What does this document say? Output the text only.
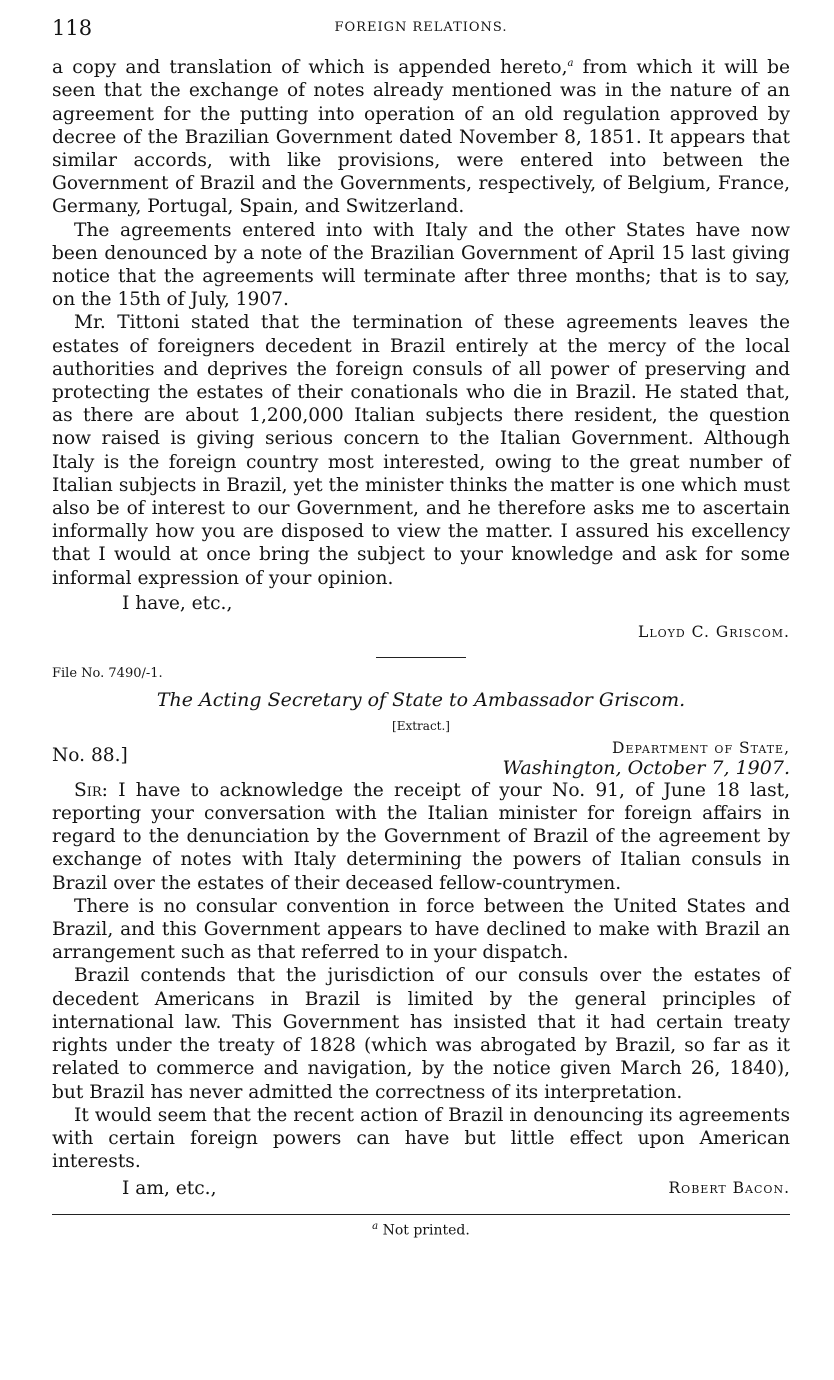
118	FOREIGN RELATIONS.

a copy and translation of which is appended hereto,$^a$ from which it will be seen that the exchange of notes already mentioned was in the nature of an agreement for the putting into operation of an old regulation approved by decree of the Brazilian Government dated November 8, 1851. It appears that similar accords, with like provisions, were entered into between the Government of Brazil and the Governments, respectively, of Belgium, France, Germany, Portugal, Spain, and Switzerland.

The agreements entered into with Italy and the other States have now been denounced by a note of the Brazilian Government of April 15 last giving notice that the agreements will terminate after three months; that is to say, on the 15th of July, 1907.

Mr. Tittoni stated that the termination of these agreements leaves the estates of foreigners decedent in Brazil entirely at the mercy of the local authorities and deprives the foreign consuls of all power of preserving and protecting the estates of their conationals who die in Brazil. He stated that, as there are about 1,200,000 Italian subjects there resident, the question now raised is giving serious concern to the Italian Government. Although Italy is the foreign country most interested, owing to the great number of Italian subjects in Brazil, yet the minister thinks the matter is one which must also be of interest to our Government, and he therefore asks me to ascertain informally how you are disposed to view the matter. I assured his excellency that I would at once bring the subject to your knowledge and ask for some informal expression of your opinion.

I have, etc.,

Lloyd C. Griscom.

File No. 7490/-1.

The Acting Secretary of State to Ambassador Griscom.

[Extract.]

No. 88.]	Department of State,
Washington, October 7, 1907.

Sir: I have to acknowledge the receipt of your No. 91, of June 18 last, reporting your conversation with the Italian minister for foreign affairs in regard to the denunciation by the Government of Brazil of the agreement by exchange of notes with Italy determining the powers of Italian consuls in Brazil over the estates of their deceased fellow-countrymen.

There is no consular convention in force between the United States and Brazil, and this Government appears to have declined to make with Brazil an arrangement such as that referred to in your dispatch.

Brazil contends that the jurisdiction of our consuls over the estates of decedent Americans in Brazil is limited by the general principles of international law. This Government has insisted that it had certain treaty rights under the treaty of 1828 (which was abrogated by Brazil, so far as it related to commerce and navigation, by the notice given March 26, 1840), but Brazil has never admitted the correctness of its interpretation.

It would seem that the recent action of Brazil in denouncing its agreements with certain foreign powers can have but little effect upon American interests.

I am, etc.,	Robert Bacon.
$^a$ Not printed.
